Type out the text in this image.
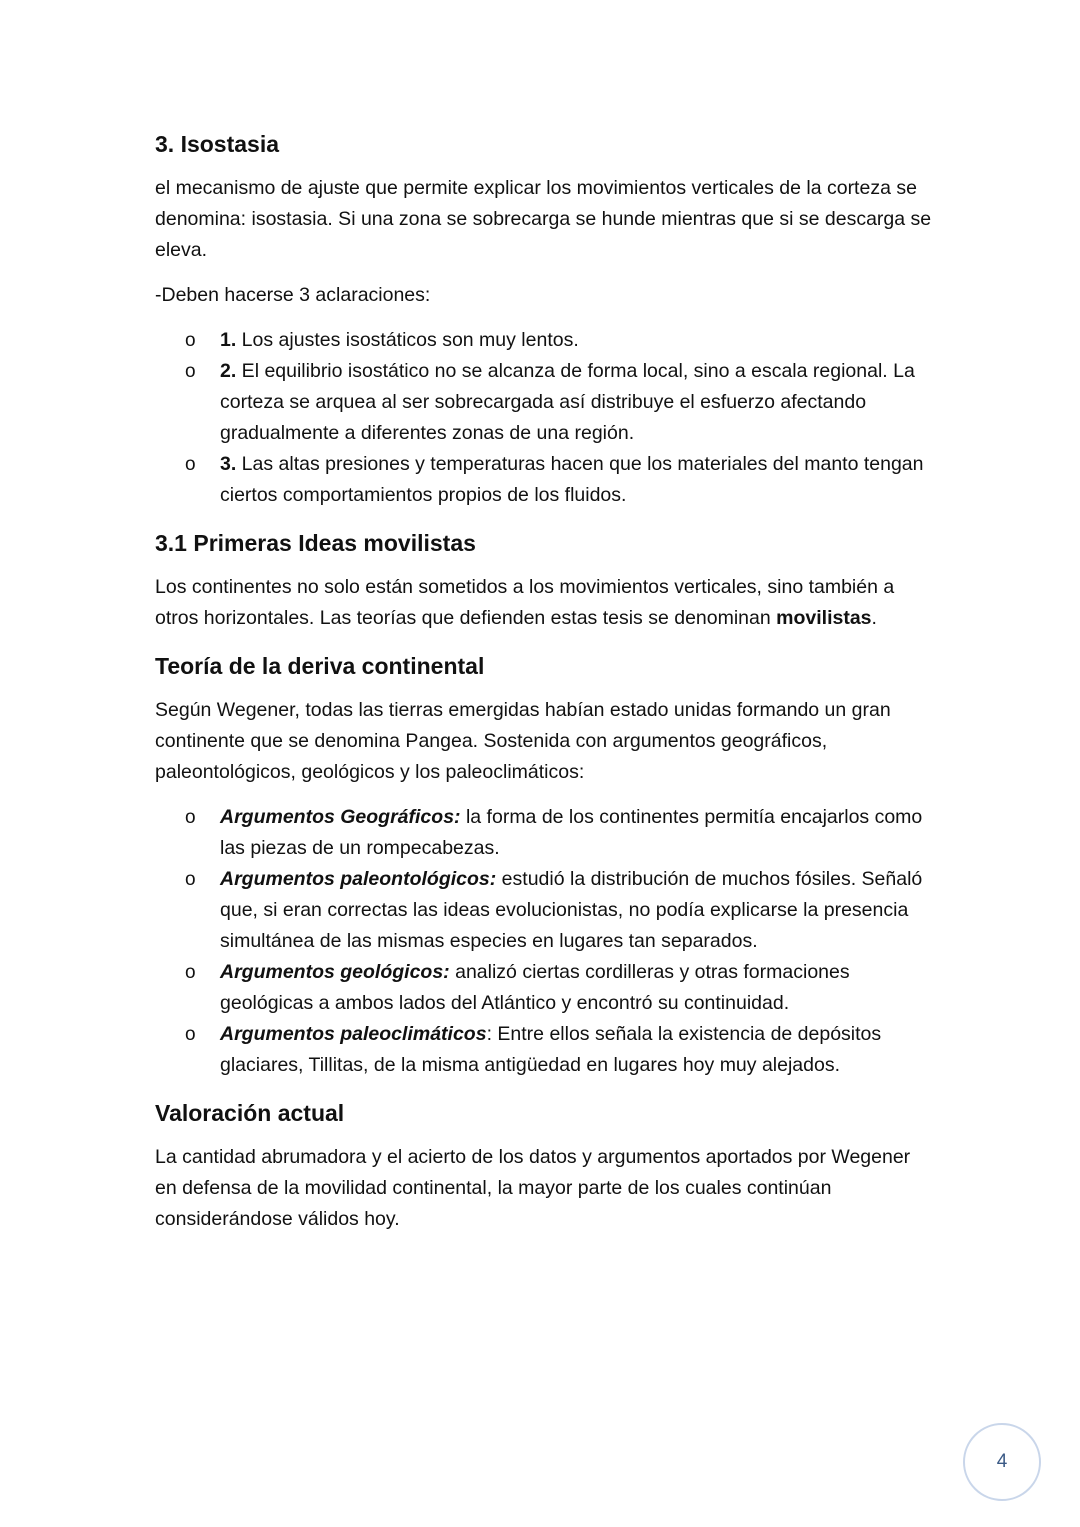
3. Isostasia

el mecanismo de ajuste que permite explicar los movimientos verticales de la corteza se denomina: isostasia. Si una zona se sobrecarga se hunde mientras que si se descarga se eleva.

-Deben hacerse 3 aclaraciones:

o 1. Los ajustes isostáticos son muy lentos.
o 2. El equilibrio isostático no se alcanza de forma local, sino a escala regional. La corteza se arquea al ser sobrecargada así distribuye el esfuerzo afectando gradualmente a diferentes zonas de una región.
o 3. Las altas presiones y temperaturas hacen que los materiales del manto tengan ciertos comportamientos propios de los fluidos.
3.1 Primeras Ideas movilistas

Los continentes no solo están sometidos a los movimientos verticales, sino también a otros horizontales. Las teorías que defienden estas tesis se denominan movilistas.

Teoría de la deriva continental

Según Wegener, todas las tierras emergidas habían estado unidas formando un gran continente que se denomina Pangea. Sostenida con argumentos geográficos, paleontológicos, geológicos y los paleoclimáticos:

o Argumentos Geográficos: la forma de los continentes permitía encajarlos como las piezas de un rompecabezas.
o Argumentos paleontológicos: estudió la distribución de muchos fósiles. Señaló que, si eran correctas las ideas evolucionistas, no podía explicarse la presencia simultánea de las mismas especies en lugares tan separados.
o Argumentos geológicos: analizó ciertas cordilleras y otras formaciones geológicas a ambos lados del Atlántico y encontró su continuidad.
o Argumentos paleoclimáticos: Entre ellos señala la existencia de depósitos glaciares, Tillitas, de la misma antigüedad en lugares hoy muy alejados.
Valoración actual

La cantidad abrumadora y el acierto de los datos y argumentos aportados por Wegener en defensa de la movilidad continental, la mayor parte de los cuales continúan considerándose válidos hoy.

4
